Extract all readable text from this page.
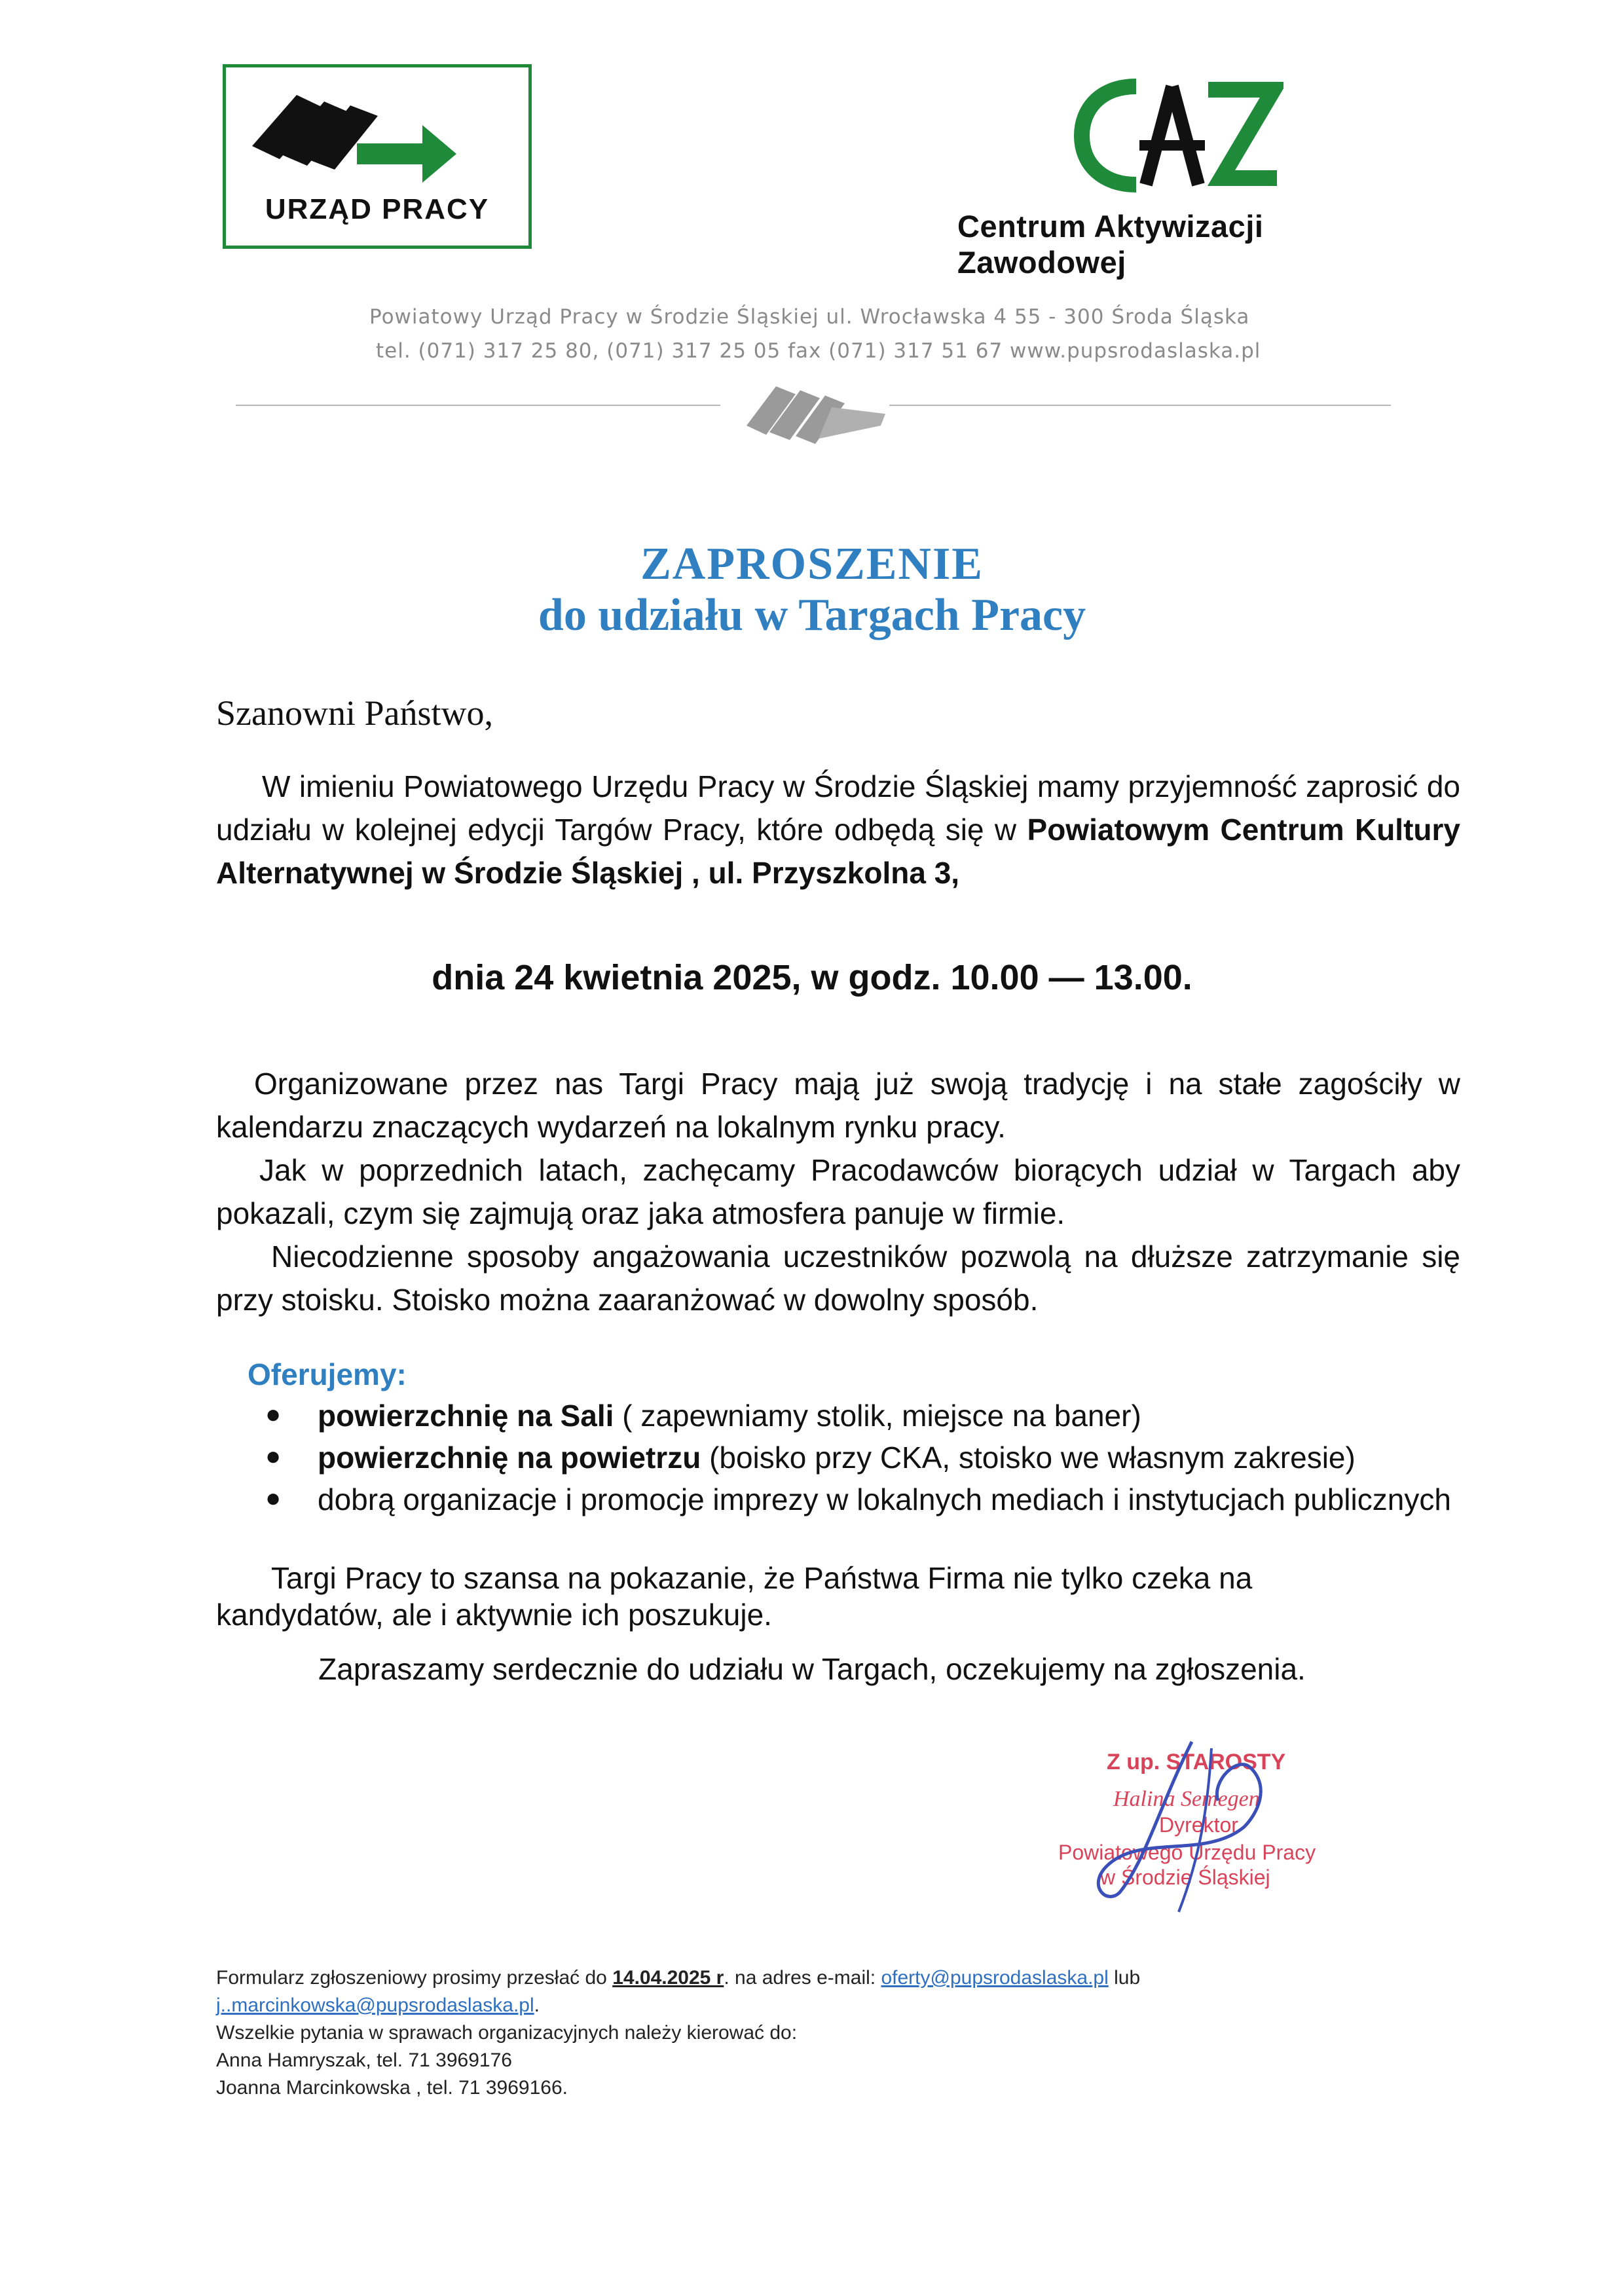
URZĄD PRACY	Centrum Aktywizacji Zawodowej
Powiatowy Urząd Pracy w Środzie Śląskiej ul. Wrocławska 4 55 - 300 Środa Śląska
tel. (071) 317 25 80, (071) 317 25 05 fax (071) 317 51 67 www.pupsrodaslaska.pl
ZAPROSZENIE
do udziału w Targach Pracy
Szanowni Państwo,
W imieniu Powiatowego Urzędu Pracy w Środzie Śląskiej mamy przyjemność zaprosić do udziału w kolejnej edycji Targów Pracy, które odbędą się w Powiatowym Centrum Kultury Alternatywnej w Środzie Śląskiej , ul. Przyszkolna 3,
dnia 24 kwietnia 2025, w godz. 10.00 — 13.00.
Organizowane przez nas Targi Pracy mają już swoją tradycję i na stałe zagościły w kalendarzu znaczących wydarzeń na lokalnym rynku pracy.
Jak w poprzednich latach, zachęcamy Pracodawców biorących udział w Targach aby pokazali, czym się zajmują oraz jaka atmosfera panuje w firmie.
Niecodzienne sposoby angażowania uczestników pozwolą na dłuższe zatrzymanie się przy stoisku. Stoisko można zaaranżować w dowolny sposób.
Oferujemy:
● powierzchnię na Sali ( zapewniamy stolik, miejsce na baner)
● powierzchnię na powietrzu (boisko przy CKA, stoisko we własnym zakresie)
● dobrą organizacje i promocje imprezy w lokalnych mediach i instytucjach publicznych
Targi Pracy to szansa na pokazanie, że Państwa Firma nie tylko czeka na kandydatów, ale i aktywnie ich poszukuje.
Zapraszamy serdecznie do udziału w Targach, oczekujemy na zgłoszenia.
Z up. STAROSTY
Halina Semegen
Dyrektor
Powiatowego Urzędu Pracy
w Środzie Śląskiej
Formularz zgłoszeniowy prosimy przesłać do 14.04.2025 r. na adres e-mail: oferty@pupsrodaslaska.pl lub
j..marcinkowska@pupsrodaslaska.pl.
Wszelkie pytania w sprawach organizacyjnych należy kierować do:
Anna Hamryszak, tel. 71 3969176
Joanna Marcinkowska , tel. 71 3969166.
